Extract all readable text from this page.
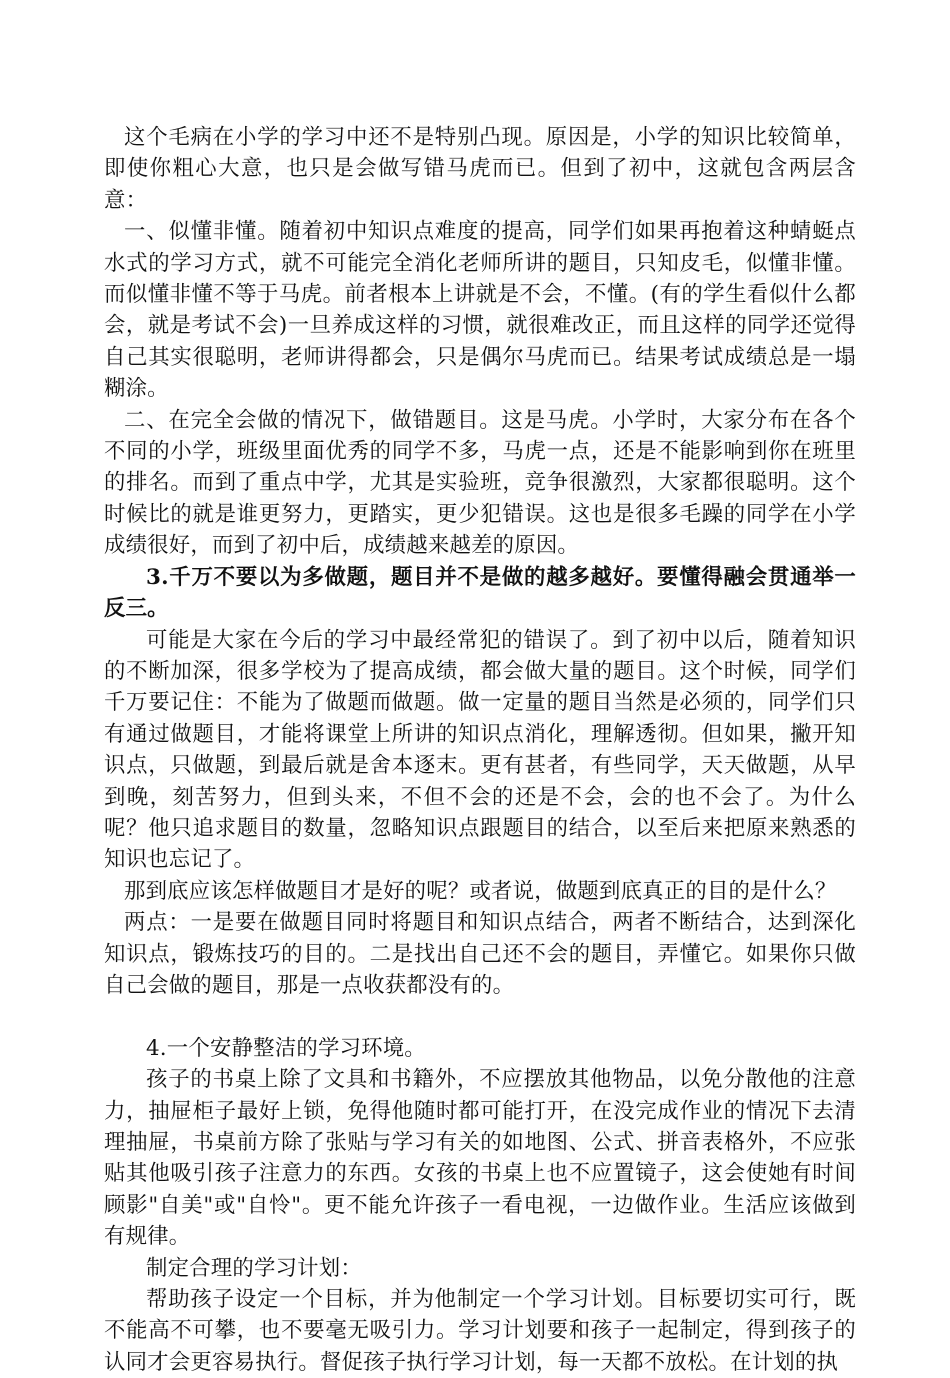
这个毛病在小学的学习中还不是特别凸现。原因是，小学的知识比较简单，即使你粗心大意，也只是会做写错马虎而已。但到了初中，这就包含两层含意：

一、似懂非懂。随着初中知识点难度的提高，同学们如果再抱着这种蜻蜓点水式的学习方式，就不可能完全消化老师所讲的题目，只知皮毛，似懂非懂。而似懂非懂不等于马虎。前者根本上讲就是不会，不懂。(有的学生看似什么都会，就是考试不会)一旦养成这样的习惯，就很难改正，而且这样的同学还觉得自己其实很聪明，老师讲得都会，只是偶尔马虎而已。结果考试成绩总是一塌糊涂。

二、在完全会做的情况下，做错题目。这是马虎。小学时，大家分布在各个不同的小学，班级里面优秀的同学不多，马虎一点，还是不能影响到你在班里的排名。而到了重点中学，尤其是实验班，竞争很激烈，大家都很聪明。这个时候比的就是谁更努力，更踏实，更少犯错误。这也是很多毛躁的同学在小学成绩很好，而到了初中后，成绩越来越差的原因。

3.千万不要以为多做题，题目并不是做的越多越好。要懂得融会贯通举一反三。

可能是大家在今后的学习中最经常犯的错误了。到了初中以后，随着知识的不断加深，很多学校为了提高成绩，都会做大量的题目。这个时候，同学们千万要记住：不能为了做题而做题。做一定量的题目当然是必须的，同学们只有通过做题目，才能将课堂上所讲的知识点消化，理解透彻。但如果，撇开知识点，只做题，到最后就是舍本逐末。更有甚者，有些同学，天天做题，从早到晚，刻苦努力，但到头来，不但不会的还是不会，会的也不会了。为什么呢？他只追求题目的数量，忽略知识点跟题目的结合，以至后来把原来熟悉的知识也忘记了。

那到底应该怎样做题目才是好的呢？或者说，做题到底真正的目的是什么？

两点：一是要在做题目同时将题目和知识点结合，两者不断结合，达到深化知识点，锻炼技巧的目的。二是找出自己还不会的题目，弄懂它。如果你只做自己会做的题目，那是一点收获都没有的。

4.一个安静整洁的学习环境。

孩子的书桌上除了文具和书籍外，不应摆放其他物品，以免分散他的注意力，抽屉柜子最好上锁，免得他随时都可能打开，在没完成作业的情况下去清理抽屉，书桌前方除了张贴与学习有关的如地图、公式、拼音表格外，不应张贴其他吸引孩子注意力的东西。女孩的书桌上也不应置镜子，这会使她有时间顾影"自美"或"自怜"。更不能允许孩子一看电视，一边做作业。生活应该做到有规律。

制定合理的学习计划：

帮助孩子设定一个目标，并为他制定一个学习计划。目标要切实可行，既不能高不可攀，也不要毫无吸引力。学习计划要和孩子一起制定，得到孩子的认同才会更容易执行。督促孩子执行学习计划，每一天都不放松。在计划的执
